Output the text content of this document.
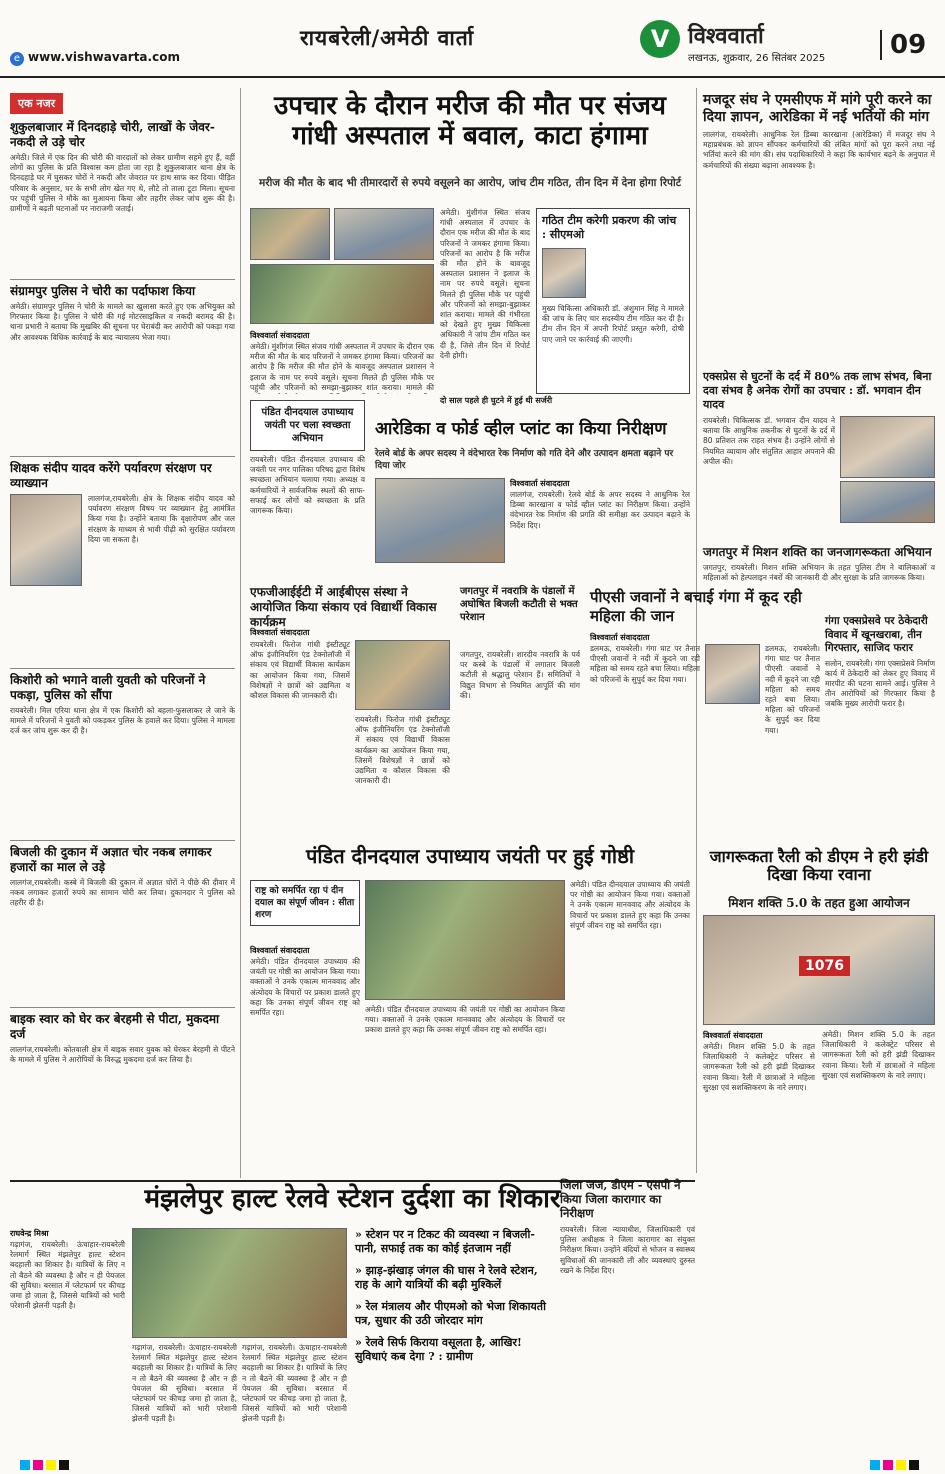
e www.vishwavarta.com
रायबरेली/अमेठी वार्ता	V विश्ववार्ता
लखनऊ, शुक्रवार, 26 सितंबर 2025	09
एक नजर
शुकुलबाजार में दिनदहाड़े चोरी, लाखों के जेवर-नकदी ले उड़े चोर
अमेठी। जिले में एक दिन की चोरी की वारदातों को लेकर ग्रामीण सहमे हुए हैं, वहीं लोगों का पुलिस के प्रति विश्वास कम होता जा रहा है शुकुलबाजार थाना क्षेत्र के दिनदहाड़े घर में घुसकर चोरों ने नकदी और जेवरात पर हाथ साफ कर दिया। पीड़ित परिवार के अनुसार, घर के सभी लोग खेत गए थे, लौटे तो ताला टूटा मिला। सूचना पर पहुंची पुलिस ने मौके का मुआयना किया और तहरीर लेकर जांच शुरू की है। ग्रामीणों ने बढ़ती घटनाओं पर नाराजगी जताई।
संग्रामपुर पुलिस ने चोरी का पर्दाफाश किया
अमेठी। संग्रामपुर पुलिस ने चोरी के मामले का खुलासा करते हुए एक अभियुक्त को गिरफ्तार किया है। पुलिस ने चोरी की गई मोटरसाइकिल व नकदी बरामद की है। थाना प्रभारी ने बताया कि मुखबिर की सूचना पर घेराबंदी कर आरोपी को पकड़ा गया और आवश्यक विधिक कार्रवाई के बाद न्यायालय भेजा गया।
शिक्षक संदीप यादव करेंगे पर्यावरण संरक्षण पर व्याख्यान
लालगंज,रायबरेली। क्षेत्र के शिक्षक संदीप यादव को पर्यावरण संरक्षण विषय पर व्याख्यान हेतु आमंत्रित किया गया है। उन्होंने बताया कि वृक्षारोपण और जल संरक्षण के माध्यम से भावी पीढ़ी को सुरक्षित पर्यावरण दिया जा सकता है।
किशोरी को भगाने वाली युवती को परिजनों ने पकड़ा, पुलिस को सौंपा
रायबरेली। मिल एरिया थाना क्षेत्र में एक किशोरी को बहला-फुसलाकर ले जाने के मामले में परिजनों ने युवती को पकड़कर पुलिस के हवाले कर दिया। पुलिस ने मामला दर्ज कर जांच शुरू कर दी है।
बिजली की दुकान में अज्ञात चोर नकब लगाकर हजारों का माल ले उड़े
लालगंज,रायबरेली। कस्बे में बिजली की दुकान में अज्ञात चोरों ने पीछे की दीवार में नकब लगाकर हजारों रुपये का सामान चोरी कर लिया। दुकानदार ने पुलिस को तहरीर दी है।
बाइक स्वार को घेर कर बेरहमी से पीटा, मुकदमा दर्ज
लालगंज,रायबरेली। कोतवाली क्षेत्र में बाइक सवार युवक को घेरकर बेरहमी से पीटने के मामले में पुलिस ने आरोपियों के विरुद्ध मुकदमा दर्ज कर लिया है।
उपचार के दौरान मरीज की मौत पर संजय गांधी अस्पताल में बवाल, काटा हंगामा
मरीज की मौत के बाद भी तीमारदारों से रुपये वसूलने का आरोप, जांच टीम गठित, तीन दिन में देना होगा रिपोर्ट
विश्ववार्ता संवाददाता
अमेठी। मुंशीगंज स्थित संजय गांधी अस्पताल में उपचार के दौरान एक मरीज की मौत के बाद परिजनों ने जमकर हंगामा किया। परिजनों का आरोप है कि मरीज की मौत होने के बावजूद अस्पताल प्रशासन ने इलाज के नाम पर रुपये वसूले। सूचना मिलते ही पुलिस मौके पर पहुंची और परिजनों को समझा-बुझाकर शांत कराया। मामले की
अमेठी। मुंशीगंज स्थित संजय गांधी अस्पताल में उपचार के दौरान एक मरीज की मौत के बाद परिजनों ने जमकर हंगामा किया। परिजनों का आरोप है कि मरीज की मौत होने के बावजूद अस्पताल प्रशासन ने इलाज के नाम पर रुपये वसूले। सूचना मिलते ही पुलिस मौके पर पहुंची और परिजनों को समझा-बुझाकर शांत कराया। मामले की गंभीरता को देखते हुए मुख्य चिकित्सा अधिकारी ने जांच टीम गठित कर दी है, जिसे तीन दिन में रिपोर्ट देनी होगी।
गठित टीम करेगी प्रकरण की जांच : सीएमओ
मुख्य चिकित्सा अधिकारी डॉ. अंशुमान सिंह ने मामले की जांच के लिए चार सदस्यीय टीम गठित कर दी है। टीम तीन दिन में अपनी रिपोर्ट प्रस्तुत करेगी, दोषी पाए जाने पर कार्रवाई की जाएगी।
दो साल पहले ही घुटने में हुई थी सर्जरी
मजदूर संघ ने एमसीएफ में मांगे पूरी करने का दिया ज्ञापन, आरेडिका में नई भर्तियों की मांग
लालगंज, रायबरेली। आधुनिक रेल डिब्बा कारखाना (आरेडिका) में मजदूर संघ ने महाप्रबंधक को ज्ञापन सौंपकर कर्मचारियों की लंबित मांगों को पूरा करने तथा नई भर्तियां करने की मांग की। संघ पदाधिकारियों ने कहा कि कार्यभार बढ़ने के अनुपात में कर्मचारियों की संख्या बढ़ाना आवश्यक है।
एक्सप्रेस से घुटनों के दर्द में 80% तक लाभ संभव, बिना दवा संभव है अनेक रोगों का उपचार : डॉ. भगवान दीन यादव
रायबरेली। चिकित्सक डॉ. भगवान दीन यादव ने बताया कि आधुनिक तकनीक से घुटनों के दर्द में 80 प्रतिशत तक राहत संभव है। उन्होंने लोगों से नियमित व्यायाम और संतुलित आहार अपनाने की अपील की।
जगतपुर में मिशन शक्ति का जनजागरूकता अभियान
जगतपुर, रायबरेली। मिशन शक्ति अभियान के तहत पुलिस टीम ने बालिकाओं व महिलाओं को हेल्पलाइन नंबरों की जानकारी दी और सुरक्षा के प्रति जागरूक किया।
गंगा एक्सप्रेसवे पर ठेकेदारी विवाद में खूनखराबा, तीन गिरफ्तार, साजिद फरार
सलोन, रायबरेली। गंगा एक्सप्रेसवे निर्माण कार्य में ठेकेदारी को लेकर हुए विवाद में मारपीट की घटना सामने आई। पुलिस ने तीन आरोपियों को गिरफ्तार किया है जबकि मुख्य आरोपी फरार है।
पंडित दीनदयाल उपाध्याय जयंती पर चला स्वच्छता अभियान
रायबरेली। पंडित दीनदयाल उपाध्याय की जयंती पर नगर पालिका परिषद द्वारा विशेष स्वच्छता अभियान चलाया गया। अध्यक्ष व कर्मचारियों ने सार्वजनिक स्थलों की साफ-सफाई कर लोगों को स्वच्छता के प्रति जागरूक किया।
आरेडिका व फोर्ड व्हील प्लांट का किया निरीक्षण
रेलवे बोर्ड के अपर सदस्य ने वंदेभारत रेक निर्माण को गति देने और उत्पादन क्षमता बढ़ाने पर दिया जोर
विश्ववार्ता संवाददाता
लालगंज, रायबरेली। रेलवे बोर्ड के अपर सदस्य ने आधुनिक रेल डिब्बा कारखाना व फोर्ड व्हील प्लांट का निरीक्षण किया। उन्होंने वंदेभारत रेक निर्माण की प्रगति की समीक्षा कर उत्पादन बढ़ाने के निर्देश दिए।
एफजीआईईटी में आईबीएस संस्था ने आयोजित किया संकाय एवं विद्यार्थी विकास कार्यक्रम
विश्ववार्ता संवाददाता
रायबरेली। फिरोज गांधी इंस्टीट्यूट ऑफ इंजीनियरिंग एंड टेक्नोलॉजी में संकाय एवं विद्यार्थी विकास कार्यक्रम का आयोजन किया गया, जिसमें विशेषज्ञों ने छात्रों को उद्यमिता व कौशल विकास की जानकारी दी।
रायबरेली। फिरोज गांधी इंस्टीट्यूट ऑफ इंजीनियरिंग एंड टेक्नोलॉजी में संकाय एवं विद्यार्थी विकास कार्यक्रम का आयोजन किया गया, जिसमें विशेषज्ञों ने छात्रों को उद्यमिता व कौशल विकास की जानकारी दी।
जगतपुर में नवरात्रि के पंडालों में अघोषित बिजली कटौती से भक्त परेशान
जगतपुर, रायबरेली। शारदीय नवरात्रि के पर्व पर कस्बे के पंडालों में लगातार बिजली कटौती से श्रद्धालु परेशान हैं। समितियों ने विद्युत विभाग से नियमित आपूर्ति की मांग की।
पीएसी जवानों ने बचाई गंगा में कूद रही महिला की जान
विश्ववार्ता संवाददाता
डलमऊ, रायबरेली। गंगा घाट पर तैनात पीएसी जवानों ने नदी में कूदने जा रही महिला को समय रहते बचा लिया। महिला को परिजनों के सुपुर्द कर दिया गया।
डलमऊ, रायबरेली। गंगा घाट पर तैनात पीएसी जवानों ने नदी में कूदने जा रही महिला को समय रहते बचा लिया। महिला को परिजनों के सुपुर्द कर दिया गया।
पंडित दीनदयाल उपाध्याय जयंती पर हुई गोष्ठी
राष्ट्र को समर्पित रहा पं दीन दयाल का संपूर्ण जीवन : सीता शरण
विश्ववार्ता संवाददाता
अमेठी। पंडित दीनदयाल उपाध्याय की जयंती पर गोष्ठी का आयोजन किया गया। वक्ताओं ने उनके एकात्म मानववाद और अंत्योदय के विचारों पर प्रकाश डालते हुए कहा कि उनका संपूर्ण जीवन राष्ट्र को समर्पित रहा।	अमेठी। पंडित दीनदयाल उपाध्याय की जयंती पर गोष्ठी का आयोजन किया गया। वक्ताओं ने उनके एकात्म मानववाद और अंत्योदय के विचारों पर प्रकाश डालते हुए कहा कि उनका संपूर्ण जीवन राष्ट्र को समर्पित रहा।
अमेठी। पंडित दीनदयाल उपाध्याय की जयंती पर गोष्ठी का आयोजन किया गया। वक्ताओं ने उनके एकात्म मानववाद और अंत्योदय के विचारों पर प्रकाश डालते हुए कहा कि उनका संपूर्ण जीवन राष्ट्र को समर्पित रहा।
जागरूकता रैली को डीएम ने हरी झंडी दिखा किया रवाना
मिशन शक्ति 5.0 के तहत हुआ आयोजन
1076
विश्ववार्ता संवाददाता
अमेठी। मिशन शक्ति 5.0 के तहत जिलाधिकारी ने कलेक्ट्रेट परिसर से जागरूकता रैली को हरी झंडी दिखाकर रवाना किया। रैली में छात्राओं ने महिला सुरक्षा एवं सशक्तिकरण के नारे लगाए।
अमेठी। मिशन शक्ति 5.0 के तहत जिलाधिकारी ने कलेक्ट्रेट परिसर से जागरूकता रैली को हरी झंडी दिखाकर रवाना किया। रैली में छात्राओं ने महिला सुरक्षा एवं सशक्तिकरण के नारे लगाए।
मंझलेपुर हाल्ट रेलवे स्टेशन दुर्दशा का शिकार
राघवेन्द्र मिश्रा
गढ़ागंज, रायबरेली। ऊंचाहार-रायबरेली रेलमार्ग स्थित मंझलेपुर हाल्ट स्टेशन बदहाली का शिकार है। यात्रियों के लिए न तो बैठने की व्यवस्था है और न ही पेयजल की सुविधा। बरसात में प्लेटफार्म पर कीचड़ जमा हो जाता है, जिससे यात्रियों को भारी परेशानी झेलनी पड़ती है।
गढ़ागंज, रायबरेली। ऊंचाहार-रायबरेली रेलमार्ग स्थित मंझलेपुर हाल्ट स्टेशन बदहाली का शिकार है। यात्रियों के लिए न तो बैठने की व्यवस्था है और न ही पेयजल की सुविधा। बरसात में प्लेटफार्म पर कीचड़ जमा हो जाता है, जिससे यात्रियों को भारी परेशानी झेलनी पड़ती है।
गढ़ागंज, रायबरेली। ऊंचाहार-रायबरेली रेलमार्ग स्थित मंझलेपुर हाल्ट स्टेशन बदहाली का शिकार है। यात्रियों के लिए न तो बैठने की व्यवस्था है और न ही पेयजल की सुविधा। बरसात में प्लेटफार्म पर कीचड़ जमा हो जाता है, जिससे यात्रियों को भारी परेशानी झेलनी पड़ती है।
» स्टेशन पर न टिकट की व्यवस्था न बिजली-पानी, सफाई तक का कोई इंतजाम नहीं
» झाड़-झंखाड़ जंगल की घास ने रेलवे स्टेशन, राह के आगे यात्रियों की बढ़ी मुश्किलें
» रेल मंत्रालय और पीएमओ को भेजा शिकायती पत्र, सुधार की उठी जोरदार मांग
» रेलवे सिर्फ किराया वसूलता है, आखिर! सुविधाएं कब देगा ? : ग्रामीण
जिला जज, डीएम - एसपी ने किया जिला कारागार का निरीक्षण
रायबरेली। जिला न्यायाधीश, जिलाधिकारी एवं पुलिस अधीक्षक ने जिला कारागार का संयुक्त निरीक्षण किया। उन्होंने बंदियों से भोजन व स्वास्थ्य सुविधाओं की जानकारी ली और व्यवस्थाएं दुरुस्त रखने के निर्देश दिए।
